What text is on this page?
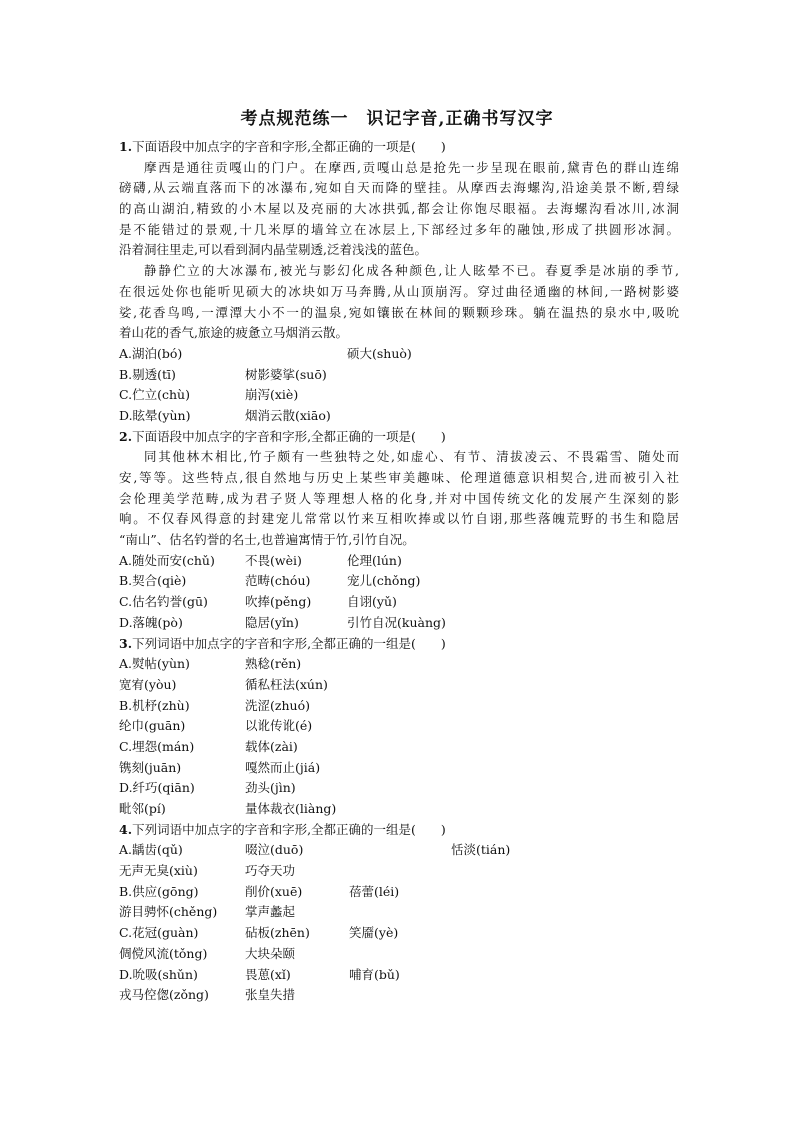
考点规范练一　识记字音,正确书写汉字
1.下面语段中加点字的字音和字形,全都正确的一项是(　　)
摩西是通往贡嘎山的门户。在摩西,贡嘎山总是抢先一步呈现在眼前,黛青色的群山连绵
磅礴,从云端直落而下的冰瀑布,宛如自天而降的壁挂。从摩西去海螺沟,沿途美景不断,碧绿
的高山湖泊,精致的小木屋以及亮丽的大冰拱弧,都会让你饱尽眼福。去海螺沟看冰川,冰洞
是不能错过的景观,十几米厚的墙耸立在冰层上,下部经过多年的融蚀,形成了拱圆形冰洞。
沿着洞往里走,可以看到洞内晶莹剔透,泛着浅浅的蓝色。
静静伫立的大冰瀑布,被光与影幻化成各种颜色,让人眩晕不已。春夏季是冰崩的季节,
在很远处你也能听见硕大的冰块如万马奔腾,从山顶崩泻。穿过曲径通幽的林间,一路树影婆
娑,花香鸟鸣,一潭潭大小不一的温泉,宛如镶嵌在林间的颗颗珍珠。躺在温热的泉水中,吸吮
着山花的香气,旅途的疲惫立马烟消云散。
A.湖泊(bó)	硕大(shuò)
B.剔透(tī)	树影婆挲(suō)
C.伫立(chù)	崩泻(xiè)
D.眩晕(yùn)	烟消云散(xiāo)
2.下面语段中加点字的字音和字形,全都正确的一项是(　　)
同其他林木相比,竹子颇有一些独特之处,如虚心、有节、清拔凌云、不畏霜雪、随处而
安,等等。这些特点,很自然地与历史上某些审美趣味、伦理道德意识相契合,进而被引入社
会伦理美学范畴,成为君子贤人等理想人格的化身,并对中国传统文化的发展产生深刻的影
响。不仅春风得意的封建宠儿常常以竹来互相吹捧或以竹自诩,那些落魄荒野的书生和隐居
“南山”、估名钓誉的名士,也普遍寓情于竹,引竹自况。
A.随处而安(chǔ)	不畏(wèi)	伦理(lún)
B.契合(qiè)	范畴(chóu)	宠儿(chǒng)
C.估名钓誉(gū)	吹捧(pěng)	自诩(yǔ)
D.落魄(pò)	隐居(yǐn)	引竹自况(kuàng)
3.下列词语中加点字的字音和字形,全都正确的一组是(　　)
A.熨帖(yùn)	熟稔(rěn)
宽宥(yòu)	循私枉法(xún)
B.机杼(zhù)	洗涩(zhuó)
纶巾(guān)	以讹传讹(é)
C.埋怨(mán)	载体(zài)
镌刻(juān)	嘎然而止(jiá)
D.纤巧(qiān)	劲头(jìn)
毗邻(pí)	量体裁衣(liàng)
4.下列词语中加点字的字音和字形,全都正确的一组是(　　)
A.龋齿(qǔ)	啜泣(duō)	恬淡(tián)
无声无臭(xiù)	巧夺天功
B.供应(gōng)	削价(xuē)	蓓蕾(léi)
游目骋怀(chěng)	掌声蠡起
C.花冠(guàn)	砧板(zhēn)	笑靥(yè)
倜傥风流(tǒng)	大块朵颐
D.吮吸(shǔn)	畏葸(xǐ)	哺育(bǔ)
戎马倥偬(zǒng)	张皇失措
